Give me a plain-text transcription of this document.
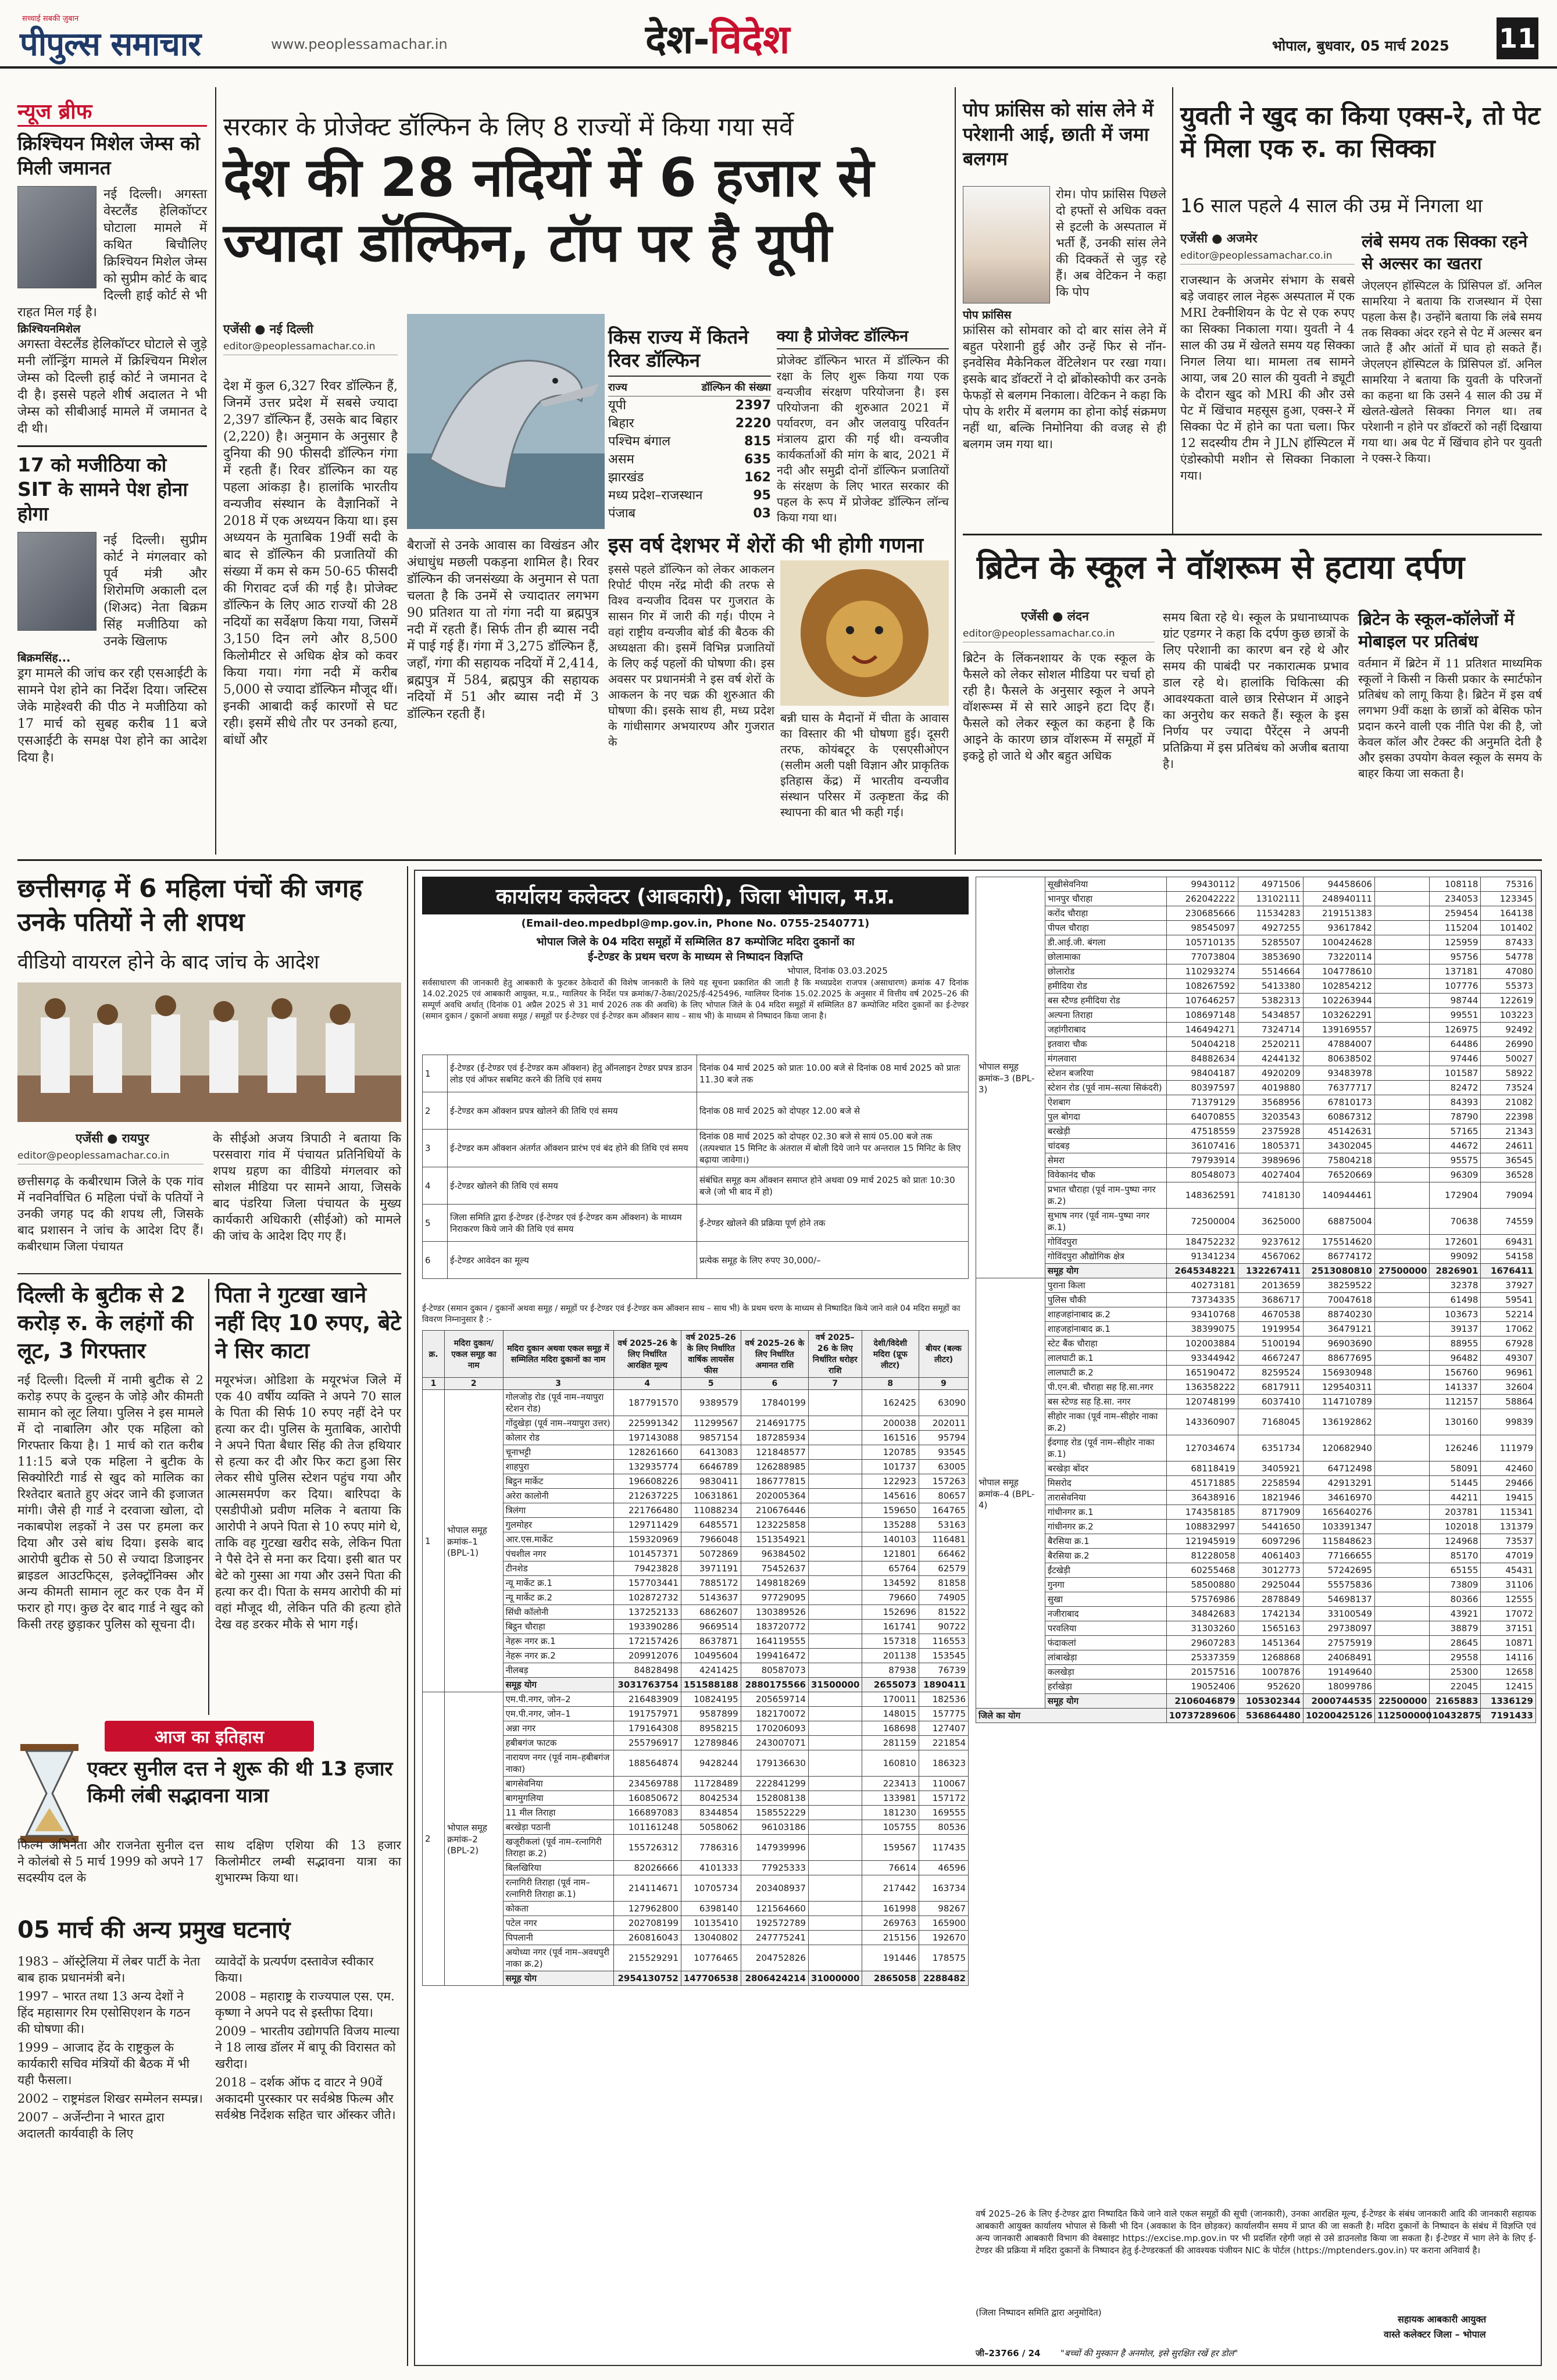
सच्चाई सबकी ज़ुबान
पीपुल्स समाचार	www.peoplessamachar.in	देश-विदेश	भोपाल, बुधवार, 05 मार्च 2025 11
न्यूज ब्रीफ
क्रिश्चियन मिशेल जेम्स को मिली जमानत

नई दिल्ली। अगस्ता वेस्टलैंड हेलिकॉप्टर घोटाला मामले में कथित बिचौलिए क्रिश्चियन मिशेल जेम्स को सुप्रीम कोर्ट के बाद दिल्ली हाई कोर्ट से भी राहत मिल गई है।

क्रिश्चियनमिशेल

अगस्ता वेस्टलैंड हेलिकॉप्टर घोटाले से जुड़े मनी लॉन्ड्रिंग मामले में क्रिश्चियन मिशेल जेम्स को दिल्ली हाई कोर्ट ने जमानत दे दी है। इससे पहले शीर्ष अदालत ने भी जेम्स को सीबीआई मामले में जमानत दे दी थी।

17 को मजीठिया को SIT के सामने पेश होना होगा

नई दिल्ली। सुप्रीम कोर्ट ने मंगलवार को पूर्व मंत्री और शिरोमणि अकाली दल (शिअद) नेता बिक्रम सिंह मजीठिया को उनके खिलाफ

बिक्रमसिंह...

ड्रग मामले की जांच कर रही एसआईटी के सामने पेश होने का निर्देश दिया। जस्टिस जेके माहेश्वरी की पीठ ने मजीठिया को 17 मार्च को सुबह करीब 11 बजे एसआईटी के समक्ष पेश होने का आदेश दिया है।

सरकार के प्रोजेक्ट डॉल्फिन के लिए 8 राज्यों में किया गया सर्वे
देश की 28 नदियों में 6 हजार से ज्यादा डॉल्फिन, टॉप पर है यूपी
एजेंसी ● नई दिल्ली
editor@peoplessamachar.co.in

देश में कुल 6,327 रिवर डॉल्फिन हैं, जिनमें उत्तर प्रदेश में सबसे ज्यादा 2,397 डॉल्फिन हैं, उसके बाद बिहार (2,220) है। अनुमान के अनुसार है दुनिया की 90 फीसदी डॉल्फिन गंगा में रहती हैं। रिवर डॉल्फिन का यह पहला आंकड़ा है। हालांकि भारतीय वन्यजीव संस्थान के वैज्ञानिकों ने 2018 में एक अध्ययन किया था। इस अध्ययन के मुताबिक 19वीं सदी के बाद से डॉल्फिन की प्रजातियों की संख्या में कम से कम 50-65 फीसदी की गिरावट दर्ज की गई है। प्रोजेक्ट डॉल्फिन के लिए आठ राज्यों की 28 नदियों का सर्वेक्षण किया गया, जिसमें 3,150 दिन लगे और 8,500 किलोमीटर से अधिक क्षेत्र को कवर किया गया। गंगा नदी में करीब 5,000 से ज्यादा डॉल्फिन मौजूद थीं। इनकी आबादी कई कारणों से घट रही। इसमें सीधे तौर पर उनको हत्या, बांधों और

किस राज्य में कितने रिवर डॉल्फिन
राज्य	डॉल्फिन की संख्या
यूपी	2397
बिहार	2220
पश्चिम बंगाल	815
असम	635
झारखंड	162
मध्य प्रदेश–राजस्थान	95
पंजाब	03
क्या है प्रोजेक्ट डॉल्फिन

प्रोजेक्ट डॉल्फिन भारत में डॉल्फिन की रक्षा के लिए शुरू किया गया एक वन्यजीव संरक्षण परियोजना है। इस परियोजना की शुरुआत 2021 में पर्यावरण, वन और जलवायु परिवर्तन मंत्रालय द्वारा की गई थी। वन्यजीव कार्यकर्ताओं की मांग के बाद, 2021 में नदी और समुद्री दोनों डॉल्फिन प्रजातियों के संरक्षण के लिए भारत सरकार की पहल के रूप में प्रोजेक्ट डॉल्फिन लॉन्च किया गया था।

बैराजों से उनके आवास का विखंडन और अंधाधुंध मछली पकड़ना शामिल है। रिवर डॉल्फिन की जनसंख्या के अनुमान से पता चलता है कि उनमें से ज्यादातर लगभग 90 प्रतिशत या तो गंगा नदी या ब्रह्मपुत्र नदी में रहती हैं। सिर्फ तीन ही ब्यास नदी में पाई गई हैं। गंगा में 3,275 डॉल्फिन हैं, जहाँ, गंगा की सहायक नदियों में 2,414, ब्रह्मपुत्र में 584, ब्रह्मपुत्र की सहायक नदियों में 51 और ब्यास नदी में 3 डॉल्फिन रहती हैं।

इस वर्ष देशभर में शेरों की भी होगी गणना

इससे पहले डॉल्फिन को लेकर आकलन रिपोर्ट पीएम नरेंद्र मोदी की तरफ से विश्व वन्यजीव दिवस पर गुजरात के सासन गिर में जारी की गई। पीएम ने वहां राष्ट्रीय वन्यजीव बोर्ड की बैठक की अध्यक्षता की। इसमें विभिन्न प्रजातियों के लिए कई पहलों की घोषणा की। इस अवसर पर प्रधानमंत्री ने इस वर्ष शेरों के आकलन के नए चक्र की शुरुआत की घोषणा की। इसके साथ ही, मध्य प्रदेश के गांधीसागर अभयारण्य और गुजरात के

बन्नी घास के मैदानों में चीता के आवास का विस्तार की भी घोषणा हुई। दूसरी तरफ, कोयंबटूर के एसएसीओएन (सलीम अली पक्षी विज्ञान और प्राकृतिक इतिहास केंद्र) में भारतीय वन्यजीव संस्थान परिसर में उत्कृष्टता केंद्र की स्थापना की बात भी कही गई।

पोप फ्रांसिस को सांस लेने में परेशानी आई, छाती में जमा बलगम

रोम। पोप फ्रांसिस पिछले दो हफ्तों से अधिक वक्त से इटली के अस्पताल में भर्ती हैं, उनकी सांस लेने की दिक्कतें से जुड़ रहे हैं। अब वेटिकन ने कहा कि पोप

पोप फ्रांसिस

फ्रांसिस को सोमवार को दो बार सांस लेने में बहुत परेशानी हुई और उन्हें फिर से नॉन-इनवेसिव मैकेनिकल वेंटिलेशन पर रखा गया। इसके बाद डॉक्टरों ने दो ब्रोंकोस्कोपी कर उनके फेफड़ों से बलगम निकाला। वेटिकन ने कहा कि पोप के शरीर में बलगम का होना कोई संक्रमण नहीं था, बल्कि निमोनिया की वजह से ही बलगम जम गया था।

युवती ने खुद का किया एक्स-रे, तो पेट में मिला एक रु. का सिक्का
16 साल पहले 4 साल की उम्र में निगला था
एजेंसी ● अजमेर
editor@peoplessamachar.co.in

राजस्थान के अजमेर संभाग के सबसे बड़े जवाहर लाल नेहरू अस्पताल में एक MRI टेक्नीशियन के पेट से एक रुपए का सिक्का निकाला गया। युवती ने 4 साल की उम्र में खेलते समय यह सिक्का निगल लिया था। मामला तब सामने आया, जब 20 साल की युवती ने ड्यूटी के दौरान खुद को MRI की और उसे पेट में खिंचाव महसूस हुआ, एक्स-रे में सिक्का पेट में होने का पता चला। फिर 12 सदस्यीय टीम ने JLN हॉस्पिटल में एंडोस्कोपी मशीन से सिक्का निकाला गया।

लंबे समय तक सिक्का रहने से अल्सर का खतरा

जेएलएन हॉस्पिटल के प्रिंसिपल डॉ. अनिल सामरिया ने बताया कि राजस्थान में ऐसा पहला केस है। उन्होंने बताया कि लंबे समय तक सिक्का अंदर रहने से पेट में अल्सर बन जाते हैं और आंतों में घाव हो सकते हैं। जेएलएन हॉस्पिटल के प्रिंसिपल डॉ. अनिल सामरिया ने बताया कि युवती के परिजनों का कहना था कि उसने 4 साल की उम्र में खेलते-खेलते सिक्का निगल था। तब परेशानी न होने पर डॉक्टरों को नहीं दिखाया गया था। अब पेट में खिंचाव होने पर युवती ने एक्स-रे किया।

ब्रिटेन के स्कूल ने वॉशरूम से हटाया दर्पण
एजेंसी ● लंदन
editor@peoplessamachar.co.in

ब्रिटेन के लिंकनशायर के एक स्कूल के फैसले को लेकर सोशल मीडिया पर चर्चा हो रही है। फैसले के अनुसार स्कूल ने अपने वॉशरूम्स में से सारे आइने हटा दिए हैं। फैसले को लेकर स्कूल का कहना है कि आइने के कारण छात्र वॉशरूम में समूहों में इकट्ठे हो जाते थे और बहुत अधिक

समय बिता रहे थे। स्कूल के प्रधानाध्यापक ग्रांट एडग्गर ने कहा कि दर्पण कुछ छात्रों के लिए परेशानी का कारण बन रहे थे और समय की पाबंदी पर नकारात्मक प्रभाव डाल रहे थे। हालांकि चिकित्सा की आवश्यकता वाले छात्र रिसेप्शन में आइने का अनुरोध कर सकते हैं। स्कूल के इस निर्णय पर ज्यादा पैरेंट्स ने अपनी प्रतिक्रिया में इस प्रतिबंध को अजीब बताया है।

ब्रिटेन के स्कूल-कॉलेजों में मोबाइल पर प्रतिबंध

वर्तमान में ब्रिटेन में 11 प्रतिशत माध्यमिक स्कूलों ने किसी न किसी प्रकार के स्मार्टफोन प्रतिबंध को लागू किया है। ब्रिटेन में इस वर्ष लगभग 9वीं कक्षा के छात्रों को बेसिक फोन प्रदान करने वाली एक नीति पेश की है, जो केवल कॉल और टेक्स्ट की अनुमति देती है और इसका उपयोग केवल स्कूल के समय के बाहर किया जा सकता है।

छत्तीसगढ़ में 6 महिला पंचों की जगह उनके पतियों ने ली शपथ
वीडियो वायरल होने के बाद जांच के आदेश
एजेंसी ● रायपुर
editor@peoplessamachar.co.in

छत्तीसगढ़ के कबीरधाम जिले के एक गांव में नवनिर्वाचित 6 महिला पंचों के पतियों ने उनकी जगह पद की शपथ ली, जिसके बाद प्रशासन ने जांच के आदेश दिए हैं। कबीरधाम जिला पंचायत

के सीईओ अजय त्रिपाठी ने बताया कि परसवारा गांव में पंचायत प्रतिनिधियों के शपथ ग्रहण का वीडियो मंगलवार को सोशल मीडिया पर सामने आया, जिसके बाद पंडरिया जिला पंचायत के मुख्य कार्यकारी अधिकारी (सीईओ) को मामले की जांच के आदेश दिए गए हैं।

दिल्ली के बुटीक से 2 करोड़ रु. के लहंगों की लूट, 3 गिरफ्तार

नई दिल्ली। दिल्ली में नामी बुटीक से 2 करोड़ रुपए के दुल्हन के जोड़े और कीमती सामान को लूट लिया। पुलिस ने इस मामले में दो नाबालिग और एक महिला को गिरफ्तार किया है। 1 मार्च को रात करीब 11:15 बजे एक महिला ने बुटीक के सिक्योरिटी गार्ड से खुद को मालिक का रिश्तेदार बताते हुए अंदर जाने की इजाजत मांगी। जैसे ही गार्ड ने दरवाजा खोला, दो नकाबपोश लड़कों ने उस पर हमला कर दिया और उसे बांध दिया। इसके बाद आरोपी बुटीक से 50 से ज्यादा डिजाइनर ब्राइडल आउटफिट्स, इलेक्ट्रॉनिक्स और अन्य कीमती सामान लूट कर एक वैन में फरार हो गए। कुछ देर बाद गार्ड ने खुद को किसी तरह छुड़ाकर पुलिस को सूचना दी।

पिता ने गुटखा खाने नहीं दिए 10 रुपए, बेटे ने सिर काटा

मयूरभंज। ओडिशा के मयूरभंज जिले में एक 40 वर्षीय व्यक्ति ने अपने 70 साल के पिता की सिर्फ 10 रुपए नहीं देने पर हत्या कर दी। पुलिस के मुताबिक, आरोपी ने अपने पिता बैधार सिंह की तेज हथियार से हत्या कर दी और फिर कटा हुआ सिर लेकर सीधे पुलिस स्टेशन पहुंच गया और आत्मसमर्पण कर दिया। बारिपदा के एसडीपीओ प्रवीण मलिक ने बताया कि आरोपी ने अपने पिता से 10 रुपए मांगे थे, ताकि वह गुटखा खरीद सके, लेकिन पिता ने पैसे देने से मना कर दिया। इसी बात पर बेटे को गुस्सा आ गया और उसने पिता की हत्या कर दी। पिता के समय आरोपी की मां वहां मौजूद थी, लेकिन पति की हत्या होते देख वह डरकर मौके से भाग गई।

आज का इतिहास
एक्टर सुनील दत्त ने शुरू की थी 13 हजार किमी लंबी सद्भावना यात्रा

फिल्म अभिनेता और राजनेता सुनील दत्त ने कोलंबो से 5 मार्च 1999 को अपने 17 सदस्यीय दल के

साथ दक्षिण एशिया की 13 हजार किलोमीटर लम्बी सद्भावना यात्रा का शुभारम्भ किया था।

05 मार्च की अन्य प्रमुख घटनाएं

1983 – ऑस्ट्रेलिया में लेबर पार्टी के नेता बाब हाक प्रधानमंत्री बने।

1997 – भारत तथा 13 अन्य देशों ने हिंद महासागर रिम एसोसिएशन के गठन की घोषणा की।

1999 – आजाद हेंद के राष्ट्रकुल के कार्यकारी सचिव मंत्रियों की बैठक में भी यही फैसला।

2002 – राष्ट्रमंडल शिखर सम्मेलन सम्पन्न।

2007 – अर्जेन्टीना ने भारत द्वारा अदालती कार्यवाही के लिए

व्यावेदों के प्रत्यर्पण दस्तावेज स्वीकार किया।

2008 – महाराष्ट्र के राज्यपाल एस. एम. कृष्णा ने अपने पद से इस्तीफा दिया।

2009 – भारतीय उद्योगपति विजय माल्या ने 18 लाख डॉलर में बापू की विरासत को खरीदा।

2018 – दर्शक ऑफ द वाटर ने 90वें अकादमी पुरस्कार पर सर्वश्रेष्ठ फिल्म और सर्वश्रेष्ठ निर्देशक सहित चार ऑस्कर जीते।

कार्यालय कलेक्टर (आबकारी), जिला भोपाल, म.प्र.
(Email-deo.mpedbpl@mp.gov.in, Phone No. 0755-2540771)
भोपाल जिले के 04 मदिरा समूहों में सम्मिलित 87 कम्पोजिट मदिरा दुकानों का
ई-टेण्डर के प्रथम चरण के माध्यम से निष्पादन विज्ञप्ति
भोपाल, दिनांक 03.03.2025

सर्वसाधारण की जानकारी हेतु आबकारी के फुटकर ठेकेदारों की विशेष जानकारी के लिये यह सूचना प्रकाशित की जाती है कि मध्यप्रदेश राजपत्र (असाधारण) क्रमांक 47 दिनांक 14.02.2025 एवं आबकारी आयुक्त, म.प्र., ग्वालियर के निर्देश पत्र क्रमांक/7-ठेका/2025/ई-425496, ग्वालियर दिनांक 15.02.2025 के अनुसार में वित्तीय वर्ष 2025–26 की सम्पूर्ण अवधि अर्थात् (दिनांक 01 अप्रैल 2025 से 31 मार्च 2026 तक की अवधि) के लिए भोपाल जिले के 04 मदिरा समूहों में सम्मिलित 87 कम्पोजिट मदिरा दुकानों का ई-टेण्डर (समान दुकान / दुकानों अथवा समूह / समूहों पर ई-टेण्डर एवं ई-टेण्डर कम ऑक्शन साथ – साथ भी) के माध्यम से निष्पादन किया जाना है।

1	ई-टेण्डर (ई-टेण्डर एवं ई-टेण्डर कम ऑक्शन) हेतु ऑनलाइन टेण्डर प्रपत्र डाउन लोड एवं ऑफर सबमिट करने की तिथि एवं समय	दिनांक 04 मार्च 2025 को प्रातः 10.00 बजे से दिनांक 08 मार्च 2025 को प्रातः 11.30 बजे तक
2	ई-टेण्डर कम ऑक्शन प्रपत्र खोलने की तिथि एवं समय	दिनांक 08 मार्च 2025 को दोपहर 12.00 बजे से
3	ई-टेण्डर कम ऑक्शन अंतर्गत ऑक्शन प्रारंभ एवं बंद होने की तिथि एवं समय	दिनांक 08 मार्च 2025 को दोपहर 02.30 बजे से सायं 05.00 बजे तक (तत्पश्चात 15 मिनिट के अंतराल में बोली दिये जाने पर अन्तराल 15 मिनिट के लिए बढ़ाया जावेगा।)
4	ई-टेण्डर खोलने की तिथि एवं समय	संबंधित समूह कम ऑक्शन समाप्त होने अथवा 09 मार्च 2025 को प्रातः 10:30 बजे (जो भी बाद में हो)
5	जिला समिति द्वारा ई-टेण्डर (ई-टेण्डर एवं ई-टेण्डर कम ऑक्शन) के माध्यम निराकरण किये जाने की तिथि एवं समय	ई-टेण्डर खोलने की प्रक्रिया पूर्ण होने तक
6	ई-टेण्डर आवेदन का मूल्य	प्रत्येक समूह के लिए रुपए 30,000/–

ई-टेण्डर (समान दुकान / दुकानों अथवा समूह / समूहों पर ई-टेण्डर एवं ई-टेण्डर कम ऑक्शन साथ – साथ भी) के प्रथम चरण के माध्यम से निष्पादित किये जाने वाले 04 मदिरा समूहों का विवरण निम्नानुसार है :-

क्र.	मदिरा दुकान/ एकल समूह का नाम	मदिरा दुकान अथवा एकल समूह में सम्मिलित मदिरा दुकानों का नाम	वर्ष 2025–26 के लिए निर्धारित आरक्षित मूल्य	वर्ष 2025–26 के लिए निर्धारित वार्षिक लायसेंस फीस	वर्ष 2025–26 के लिए निर्धारित अमानत राशि	वर्ष 2025–26 के लिए निर्धारित धरोहर राशि	देशी/विदेशी मदिरा (प्रूफ लीटर)	बीयर (बल्क लीटर)
1	2	3	4	5	6	7	8	9
1	भोपाल समूह क्रमांक–1 (BPL-1)	गोलजोड़ रोड (पूर्व नाम–नयापुरा स्टेशन रोड)	187791570	9389579	17840199		162425	63090
		गोंदुखेड़ा (पूर्व नाम–नयापुरा उत्तर)	225991342	11299567	214691775		200038	202011
		कोलार रोड	197143088	9857154	187285934		161516	95794
		चूनाभट्टी	128261660	6413083	121848577		120785	93545
		शाहपुरा	132935774	6646789	126288985		101737	63005
		बिट्ठन मार्केट	196608226	9830411	186777815		122923	157263
		अरेरा कालोनी	212637225	10631861	202005364		145616	80657
		त्रिलंगा	221766480	11088234	210676446		159650	164765
		गुलमोहर	129711429	6485571	123225858		135288	53163
		आर.एस.मार्केट	159320969	7966048	151354921		140103	116481
		पंचशील नगर	101457371	5072869	96384502		121801	66462
		टीनशेड	79423828	3971191	75452637		65764	62579
		न्यू मार्केट क्र.1	157703441	7885172	149818269		134592	81858
		न्यू मार्केट क्र.2	102872732	5143637	97729095		79660	74905
		सिंधी कॉलोनी	137252133	6862607	130389526		152696	81522
		बिट्ठन चौराहा	193390286	9669514	183720772		161741	90722
		नेहरू नगर क्र.1	172157426	8637871	164119555		157318	116553
		नेहरू नगर क्र.2	209912076	10495604	199416472		201138	153545
		नीलबड़	84828498	4241425	80587073		87938	76739
		समूह योग	3031763754	151588188	2880175566	31500000	2655073	1890411
2	भोपाल समूह क्रमांक–2 (BPL-2)	एम.पी.नगर, जोन–2	216483909	10824195	205659714		170011	182536
		एम.पी.नगर, जोन–1	191757971	9587899	182170072		148015	157775
		अन्ना नगर	179164308	8958215	170206093		168698	127407
		हबीबगंज फाटक	255796917	12789846	243007071		281159	221854
		नारायण नगर (पूर्व नाम–हबीबगंज नाका)	188564874	9428244	179136630		160810	186323
		बागसेवनिया	234569788	11728489	222841299		223413	110067
		बागमुगलिया	160850672	8042534	152808138		133981	157172
		11 मील तिराहा	166897083	8344854	158552229		181230	169555
		बरखेड़ा पठानी	101161248	5058062	96103186		105755	80536
		खजूरीकलां (पूर्व नाम–रत्नागिरी तिराहा क्र.2)	155726312	7786316	147939996		159567	117435
		बिलखिरिया	82026666	4101333	77925333		76614	46596
		रत्नागिरी तिराहा (पूर्व नाम–रत्नागिरी तिराहा क्र.1)	214114671	10705734	203408937		217442	163734
		कोकता	127962800	6398140	121564660		161998	98267
		पटेल नगर	202708199	10135410	192572789		269763	165900
		पिपलानी	260816043	13040802	247775241		215156	192670
		अयोध्या नगर (पूर्व नाम–अवधपुरी नाका क्र.2)	215529291	10776465	204752826		191446	178575
		समूह योग	2954130752	147706538	2806424214	31000000	2865058	2288482
भोपाल समूह क्रमांक–3 (BPL-3)	सूखीसेवनिया	99430112	4971506	94458606		108118	75316
	भानपुर चौराहा	262042222	13102111	248940111		234053	123345
	करोंद चौराहा	230685666	11534283	219151383		259454	164138
	पीपल चौराहा	98545097	4927255	93617842		115204	101402
	डी.आई.जी. बंगला	105710135	5285507	100424628		125959	87433
	छोलामाका	77073804	3853690	73220114		95756	54778
	छोलारोड	110293274	5514664	104778610		137181	47080
	हमीदिया रोड	108267592	5413380	102854212		107776	55373
	बस स्टैण्ड हमीदिया रोड	107646257	5382313	102263944		98744	122619
	अल्पना तिराहा	108697148	5434857	103262291		99551	103223
	जहांगीराबाद	146494271	7324714	139169557		126975	92492
	इतवारा चौक	50404218	2520211	47884007		64486	26990
	मंगलवारा	84882634	4244132	80638502		97446	50027
	स्टेशन बजरिया	98404187	4920209	93483978		101587	58922
	स्टेशन रोड (पूर्व नाम–सत्या सिकंदरी)	80397597	4019880	76377717		82472	73524
	ऐशबाग	71379129	3568956	67810173		84393	21082
	पुल बोगदा	64070855	3203543	60867312		78790	22398
	बरखेड़ी	47518559	2375928	45142631		57165	21343
	चांदबड़	36107416	1805371	34302045		44672	24611
	सेमरा	79793914	3989696	75804218		95575	36545
	विवेकानंद चौक	80548073	4027404	76520669		96309	36528
	प्रभात चौराहा (पूर्व नाम–पुष्पा नगर क्र.2)	148362591	7418130	140944461		172904	79094
	सुभाष नगर (पूर्व नाम–पुष्पा नगर क्र.1)	72500004	3625000	68875004		70638	74559
	गोविंदपुरा	184752232	9237612	175514620		172601	69431
	गोविंदपुरा औद्योगिक क्षेत्र	91341234	4567062	86774172		99092	54158
	समूह योग	2645348221	132267411	2513080810	27500000	2826901	1676411
भोपाल समूह क्रमांक–4 (BPL-4)	पुराना किला	40273181	2013659	38259522		32378	37927
	पुलिस चौकी	73734335	3686717	70047618		61498	59541
	शाहजहांनाबाद क्र.2	93410768	4670538	88740230		103673	52214
	शाहजहांनाबाद क्र.1	38399075	1919954	36479121		39137	17062
	स्टेट बैंक चौराहा	102003884	5100194	96903690		88955	67928
	लालघाटी क्र.1	93344942	4667247	88677695		96482	49307
	लालघाटी क्र.2	165190472	8259524	156930948		156760	96961
	पी.एन.बी. चौराहा सह हि.सा.नगर	136358222	6817911	129540311		141337	32604
	बस स्टेण्ड सह हि.सा. नगर	120748199	6037410	114710789		112157	58864
	सीहोर नाका (पूर्व नाम–सीहोर नाका क्र.2)	143360907	7168045	136192862		130160	99839
	ईदगाह रोड (पूर्व नाम–सीहोर नाका क्र.1)	127034674	6351734	120682940		126246	111979
	बरखेड़ा बोंदर	68118419	3405921	64712498		58091	42460
	मिसरोद	45171885	2258594	42913291		51445	29466
	तारासेवनिया	36438916	1821946	34616970		44211	19415
	गांधीनगर क्र.1	174358185	8717909	165640276		203781	115341
	गांधीनगर क्र.2	108832997	5441650	103391347		102018	131379
	बैरसिया क्र.1	121945919	6097296	115848623		124968	73537
	बैरसिया क्र.2	81228058	4061403	77166655		85170	47019
	ईंटखेड़ी	60255468	3012773	57242695		65155	45431
	गुनगा	58500880	2925044	55575836		73809	31106
	सुखा	57576986	2878849	54698137		80366	12555
	नजीराबाद	34842683	1742134	33100549		43921	17072
	परवलिया	31303260	1565163	29738097		38879	37151
	फंदाकलां	29607283	1451364	27575919		28645	10871
	लांबाखेड़ा	25337359	1268868	24068491		29558	14116
	कलखेड़ा	20157516	1007876	19149640		25300	12658
	हर्राखेड़ा	19052406	952620	18099786		22045	12415
	समूह योग	2106046879	105302344	2000744535	22500000	2165883	1336129
जिले का योग		10737289606	536864480	10200425126	112500000	10432875	7191433

वर्ष 2025–26 के लिए ई-टेण्डर द्वारा निष्पादित किये जाने वाले एकल समूहों की सूची (जानकारी), उनका आरक्षित मूल्य, ई-टेण्डर के संबंध जानकारी आदि की जानकारी सहायक आबकारी आयुक्त कार्यालय भोपाल से किसी भी दिन (अवकाश के दिन छोड़कर) कार्यालयीन समय में प्राप्त की जा सकती है। मदिरा दुकानों के निष्पादन के संबंध में विज्ञप्ति एवं अन्य जानकारी आबकारी विभाग की वेबसाइट https://excise.mp.gov.in पर भी प्रदर्शित रहेगी जहां से उसे डाउनलोड किया जा सकता है। ई-टेण्डर में भाग लेने के लिए ई-टेण्डर की प्रक्रिया में मदिरा दुकानों के निष्पादन हेतु ई-टेण्डरकर्ता की आवश्यक पंजीयन NIC के पोर्टल (https://mptenders.gov.in) पर कराना अनिवार्य है।

(जिला निष्पादन समिति द्वारा अनुमोदित)
सहायक आबकारी आयुक्त
वास्ते कलेक्टर जिला – भोपाल
जी–23766 / 24 "बच्चों की मुस्कान है अनमोल, इसे सुरक्षित रखें हर डोल"
